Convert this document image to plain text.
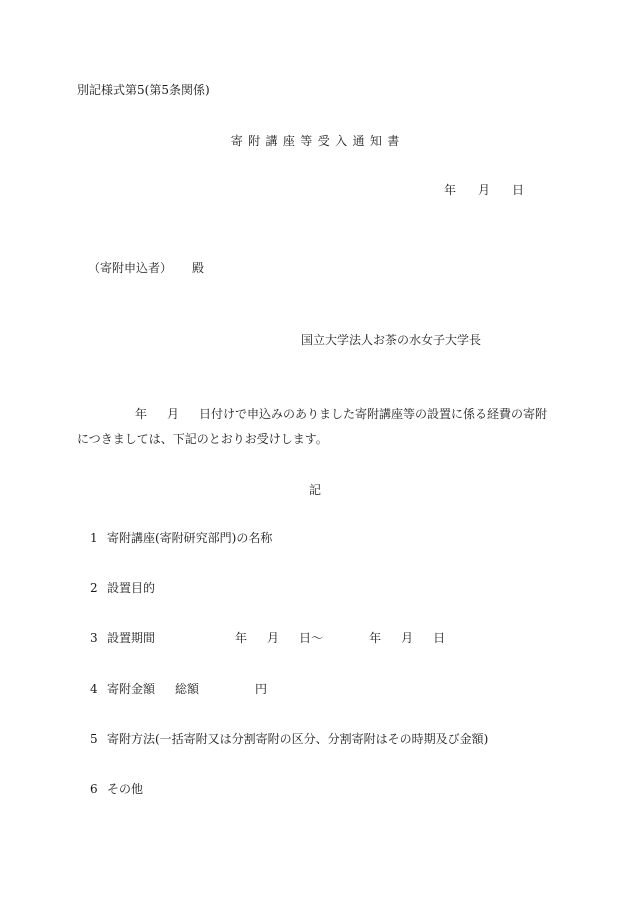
別記様式第5(第5条関係)
寄附講座等受入通知書
年 月 日
（寄附申込者） 殿
国立大学法人お茶の水女子大学長
年 月 日付けで申込みのありました寄附講座等の設置に係る経費の寄附
につきましては、下記のとおりお受けします。
記
1 寄附講座(寄附研究部門)の名称
2 設置目的
3 設置期間	年 月 日〜	年 月 日
4 寄附金額 総額	円
5 寄附方法(一括寄附又は分割寄附の区分、分割寄附はその時期及び金額)
6 その他
